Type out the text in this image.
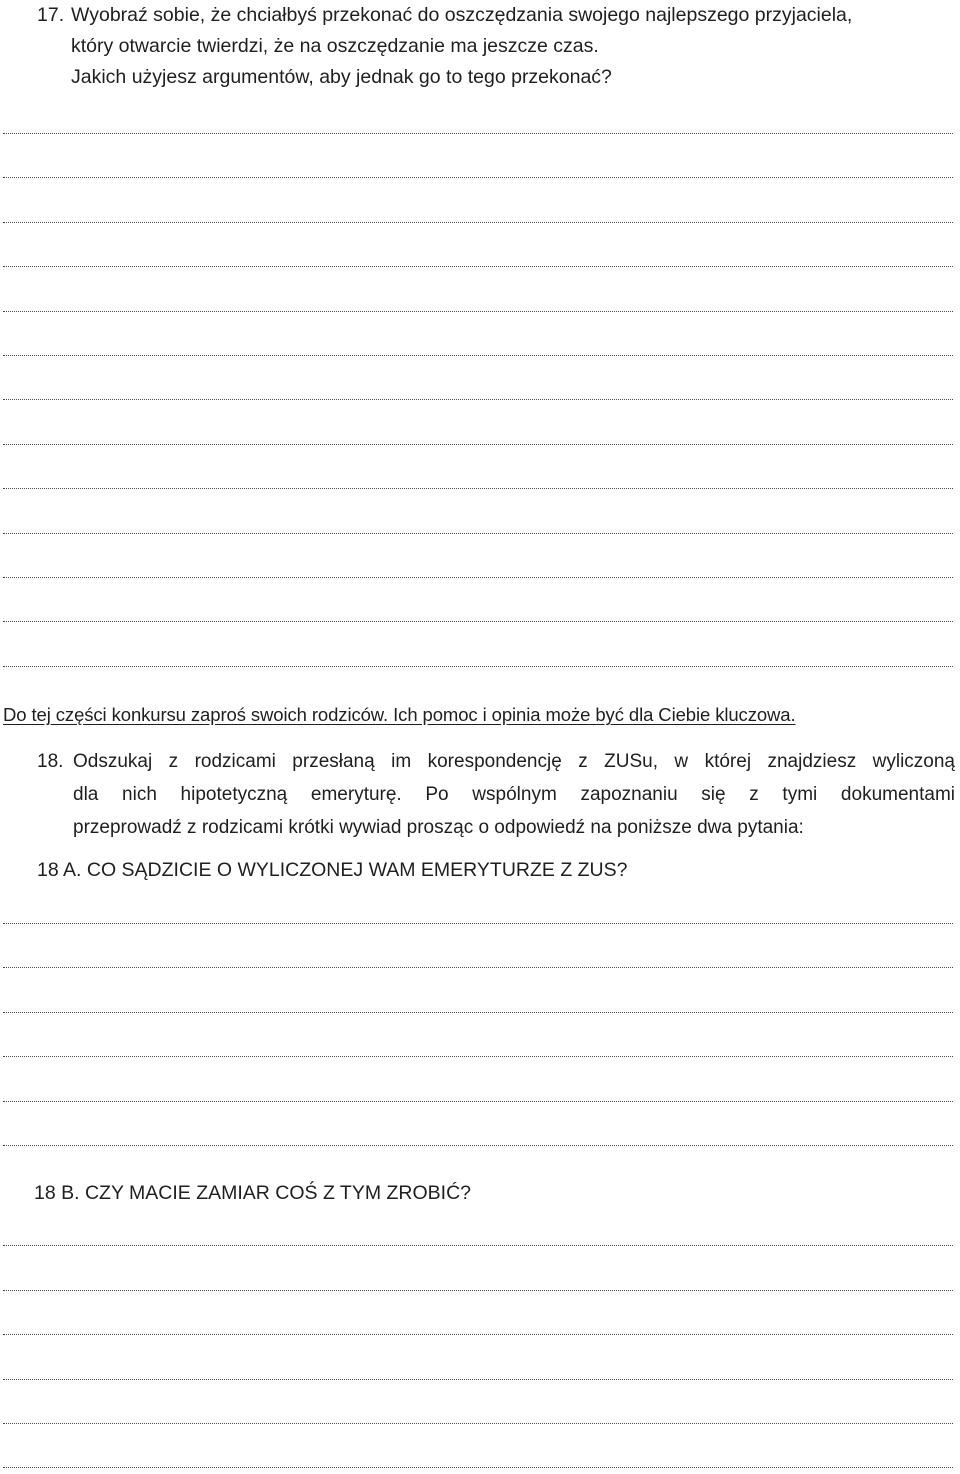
17. Wyobraź sobie, że chciałbyś przekonać do oszczędzania swojego najlepszego przyjaciela,
który otwarcie twierdzi, że na oszczędzanie ma jeszcze czas.
Jakich użyjesz argumentów, aby jednak go to tego przekonać?
Do tej części konkursu zaproś swoich rodziców. Ich pomoc i opinia może być dla Ciebie kluczowa.
18. Odszukaj z rodzicami przesłaną im korespondencję z ZUSu, w której znajdziesz wyliczoną
dla nich hipotetyczną emeryturę. Po wspólnym zapoznaniu się z tymi dokumentami
przeprowadź z rodzicami krótki wywiad prosząc o odpowiedź na poniższe dwa pytania:
18 A. CO SĄDZICIE O WYLICZONEJ WAM EMERYTURZE Z ZUS?
18 B. CZY MACIE ZAMIAR COŚ Z TYM ZROBIĆ?
